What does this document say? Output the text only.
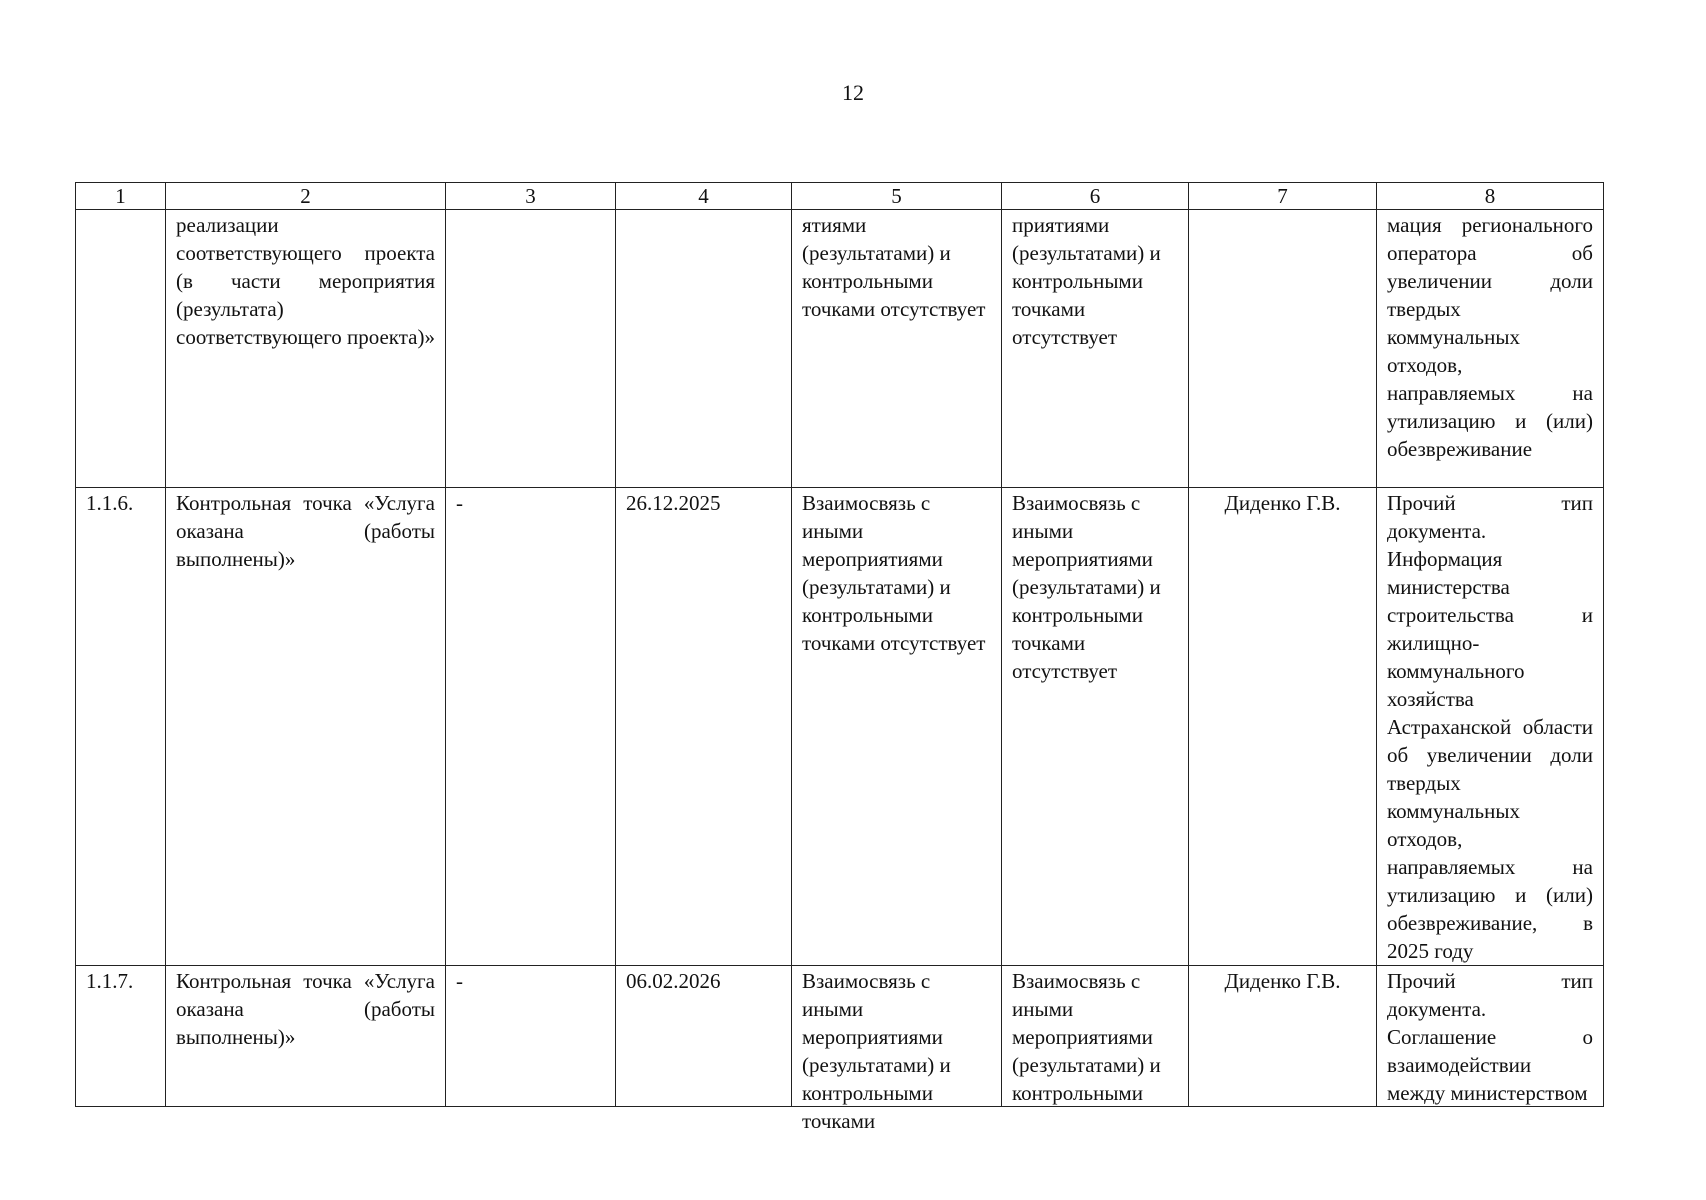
12
1	2	3	4	5	6	7	8
	реализации соответствующего проекта (в части мероприятия (результата) соответствующего проекта)»			ятиями (результатами) и контрольными точками отсутствует	приятиями (результатами) и контрольными точками отсутствует		мация регионального оператора об увеличении доли твердых коммунальных отходов, направляемых на утилизацию и (или) обезвреживание
1.1.6.	Контрольная точка «Услуга оказана (работы выполнены)»	-	26.12.2025	Взаимосвязь с иными мероприятиями (результатами) и контрольными точками отсутствует	Взаимосвязь с иными мероприятиями (результатами) и контрольными точками отсутствует	Диденко Г.В.	Прочий тип документа. Информация министерства строительства и жилищно-коммунального хозяйства Астраханской области об увеличении доли твердых коммунальных отходов, направляемых на утилизацию и (или) обезвреживание, в 2025 году
1.1.7.	Контрольная точка «Услуга оказана (работы выполнены)»	-	06.02.2026	Взаимосвязь с иными мероприятиями (результатами) и контрольными точками	Взаимосвязь с иными мероприятиями (результатами) и контрольными	Диденко Г.В.	Прочий тип документа. Соглашение о взаимодействии между министерством
